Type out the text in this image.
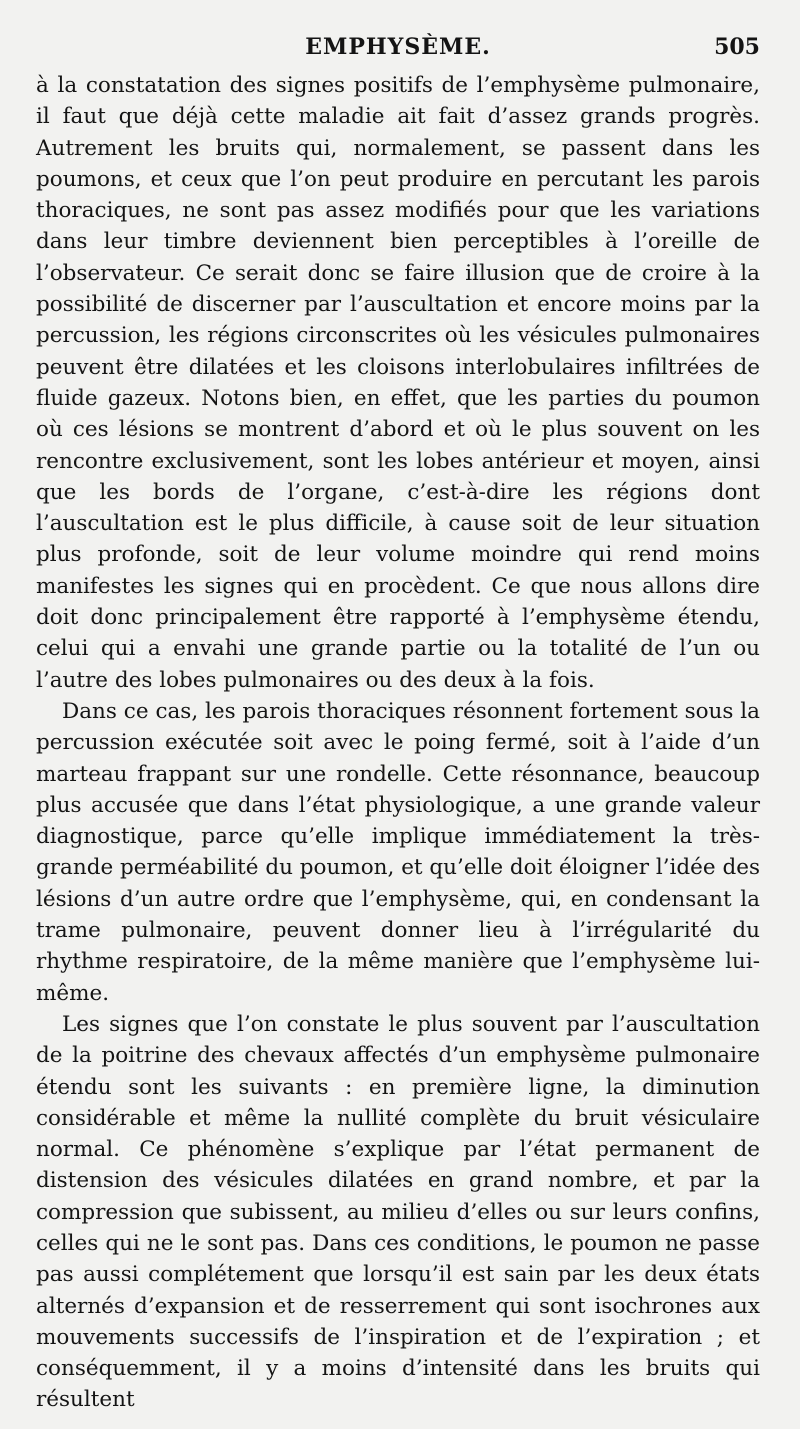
EMPHYSÈME.	505

à la constatation des signes positifs de l’emphysème pulmonaire, il faut que déjà cette maladie ait fait d’assez grands progrès. Autrement les bruits qui, normalement, se passent dans les poumons, et ceux que l’on peut produire en percutant les parois thoraciques, ne sont pas assez modifiés pour que les variations dans leur timbre deviennent bien perceptibles à l’oreille de l’observateur. Ce serait donc se faire illusion que de croire à la possibilité de discerner par l’auscultation et encore moins par la percussion, les régions circonscrites où les vésicules pulmonaires peuvent être dilatées et les cloisons interlobulaires infiltrées de fluide gazeux. Notons bien, en effet, que les parties du poumon où ces lésions se montrent d’abord et où le plus souvent on les rencontre exclusivement, sont les lobes antérieur et moyen, ainsi que les bords de l’organe, c’est-à-dire les régions dont l’auscultation est le plus difficile, à cause soit de leur situation plus profonde, soit de leur volume moindre qui rend moins manifestes les signes qui en procèdent. Ce que nous allons dire doit donc principalement être rapporté à l’emphysème étendu, celui qui a envahi une grande partie ou la totalité de l’un ou l’autre des lobes pulmonaires ou des deux à la fois.

Dans ce cas, les parois thoraciques résonnent fortement sous la percussion exécutée soit avec le poing fermé, soit à l’aide d’un marteau frappant sur une rondelle. Cette résonnance, beaucoup plus accusée que dans l’état physiologique, a une grande valeur diagnostique, parce qu’elle implique immédiatement la très-grande perméabilité du poumon, et qu’elle doit éloigner l’idée des lésions d’un autre ordre que l’emphysème, qui, en condensant la trame pulmonaire, peuvent donner lieu à l’irrégularité du rhythme respiratoire, de la même manière que l’emphysème lui-même.

Les signes que l’on constate le plus souvent par l’auscultation de la poitrine des chevaux affectés d’un emphysème pulmonaire étendu sont les suivants : en première ligne, la diminution considérable et même la nullité complète du bruit vésiculaire normal. Ce phénomène s’explique par l’état permanent de distension des vésicules dilatées en grand nombre, et par la compression que subissent, au milieu d’elles ou sur leurs confins, celles qui ne le sont pas. Dans ces conditions, le poumon ne passe pas aussi complétement que lorsqu’il est sain par les deux états alternés d’expansion et de resserrement qui sont isochrones aux mouvements successifs de l’inspiration et de l’expiration ; et conséquemment, il y a moins d’intensité dans les bruits qui résultent
